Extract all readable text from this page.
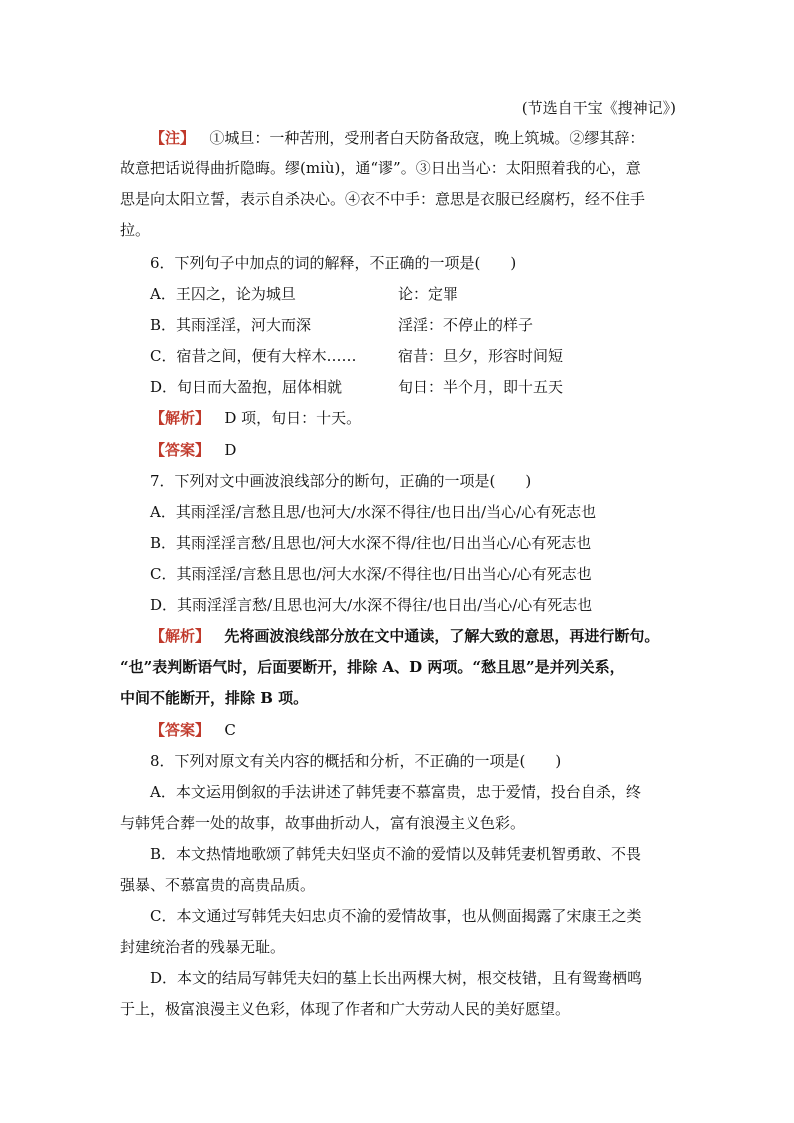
(节选自干宝《搜神记》)
【注】 ①城旦：一种苦刑，受刑者白天防备敌寇，晚上筑城。②缪其辞：
故意把话说得曲折隐晦。缪(miù)，通“谬”。③日出当心：太阳照着我的心，意
思是向太阳立誓，表示自杀决心。④衣不中手：意思是衣服已经腐朽，经不住手
拉。
6．下列句子中加点的词的解释，不正确的一项是(　　)
A．王囚之，论为城旦	论：定罪
B．其雨淫淫，河大而深	淫淫：不停止的样子
C．宿昔之间，便有大梓木……	宿昔：旦夕，形容时间短
D．旬日而大盈抱，屈体相就	旬日：半个月，即十五天
【解析】 D 项，旬日：十天。
【答案】 D
7．下列对文中画波浪线部分的断句，正确的一项是(　　)
A．其雨淫淫/言愁且思/也河大/水深不得往/也日出/当心/心有死志也
B．其雨淫淫言愁/且思也/河大水深不得/往也/日出当心/心有死志也
C．其雨淫淫/言愁且思也/河大水深/不得往也/日出当心/心有死志也
D．其雨淫淫言愁/且思也河大/水深不得往/也日出/当心/心有死志也
【解析】 先将画波浪线部分放在文中通读，了解大致的意思，再进行断句。
“也”表判断语气时，后面要断开，排除 A、D 两项。“愁且思”是并列关系，
中间不能断开，排除 B 项。
【答案】 C
8．下列对原文有关内容的概括和分析，不正确的一项是(　　)
A．本文运用倒叙的手法讲述了韩凭妻不慕富贵，忠于爱情，投台自杀，终
与韩凭合葬一处的故事，故事曲折动人，富有浪漫主义色彩。
B．本文热情地歌颂了韩凭夫妇坚贞不渝的爱情以及韩凭妻机智勇敢、不畏
强暴、不慕富贵的高贵品质。
C．本文通过写韩凭夫妇忠贞不渝的爱情故事，也从侧面揭露了宋康王之类
封建统治者的残暴无耻。
D．本文的结局写韩凭夫妇的墓上长出两棵大树，根交枝错，且有鸳鸯栖鸣
于上，极富浪漫主义色彩，体现了作者和广大劳动人民的美好愿望。
